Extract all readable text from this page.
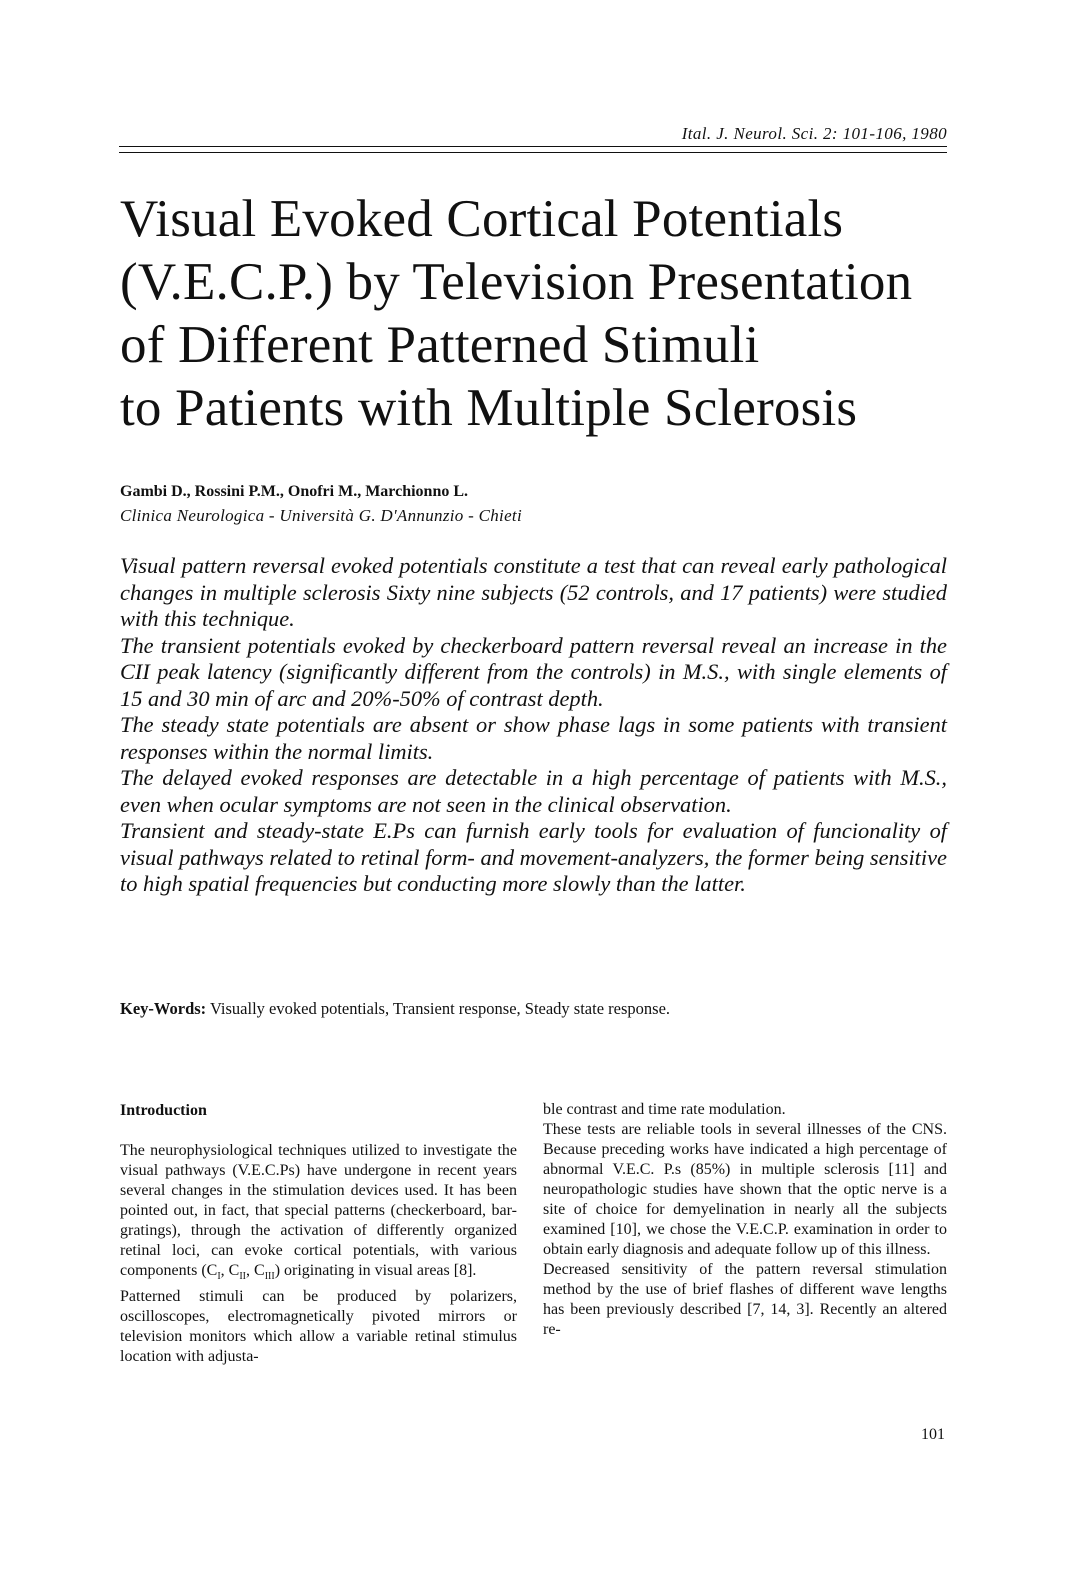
Ital. J. Neurol. Sci. 2: 101-106, 1980
Visual Evoked Cortical Potentials
(V.E.C.P.) by Television Presentation
of Different Patterned Stimuli
to Patients with Multiple Sclerosis
Gambi D., Rossini P.M., Onofri M., Marchionno L.
Clinica Neurologica - Università G. D'Annunzio - Chieti

Visual pattern reversal evoked potentials constitute a test that can reveal early pathological changes in multiple sclerosis Sixty nine subjects (52 controls, and 17 patients) were studied with this technique.

The transient potentials evoked by checkerboard pattern reversal reveal an increase in the CII peak latency (significantly different from the controls) in M.S., with single elements of 15 and 30 min of arc and 20%-50% of contrast depth.

The steady state potentials are absent or show phase lags in some patients with transient responses within the normal limits.

The delayed evoked responses are detectable in a high percentage of patients with M.S., even when ocular symptoms are not seen in the clinical observation.

Transient and steady-state E.Ps can furnish early tools for evaluation of funcionality of visual pathways related to retinal form- and movement-analyzers, the former being sensitive to high spatial frequencies but conducting more slowly than the latter.

Key-Words: Visually evoked potentials, Transient response, Steady state response.
Introduction

The neurophysiological techniques utilized to investigate the visual pathways (V.E.C.Ps) have undergone in recent years several changes in the stimulation devices used. It has been pointed out, in fact, that special patterns (checkerboard, bar-gratings), through the activation of differently organized retinal loci, can evoke cortical potentials, with various components ($C_I$, $C_{II}$, $C_{III}$) originating in visual areas [8].

Patterned stimuli can be produced by polarizers, oscilloscopes, electromagnetically pivoted mirrors or television monitors which allow a variable retinal stimulus location with adjusta-

ble contrast and time rate modulation.

These tests are reliable tools in several illnesses of the CNS. Because preceding works have indicated a high percentage of abnormal V.E.C. P.s (85%) in multiple sclerosis [11] and neuropathologic studies have shown that the optic nerve is a site of choice for demyelination in nearly all the subjects examined [10], we chose the V.E.C.P. examination in order to obtain early diagnosis and adequate follow up of this illness.

Decreased sensitivity of the pattern reversal stimulation method by the use of brief flashes of different wave lengths has been previously described [7, 14, 3]. Recently an altered re-

101
